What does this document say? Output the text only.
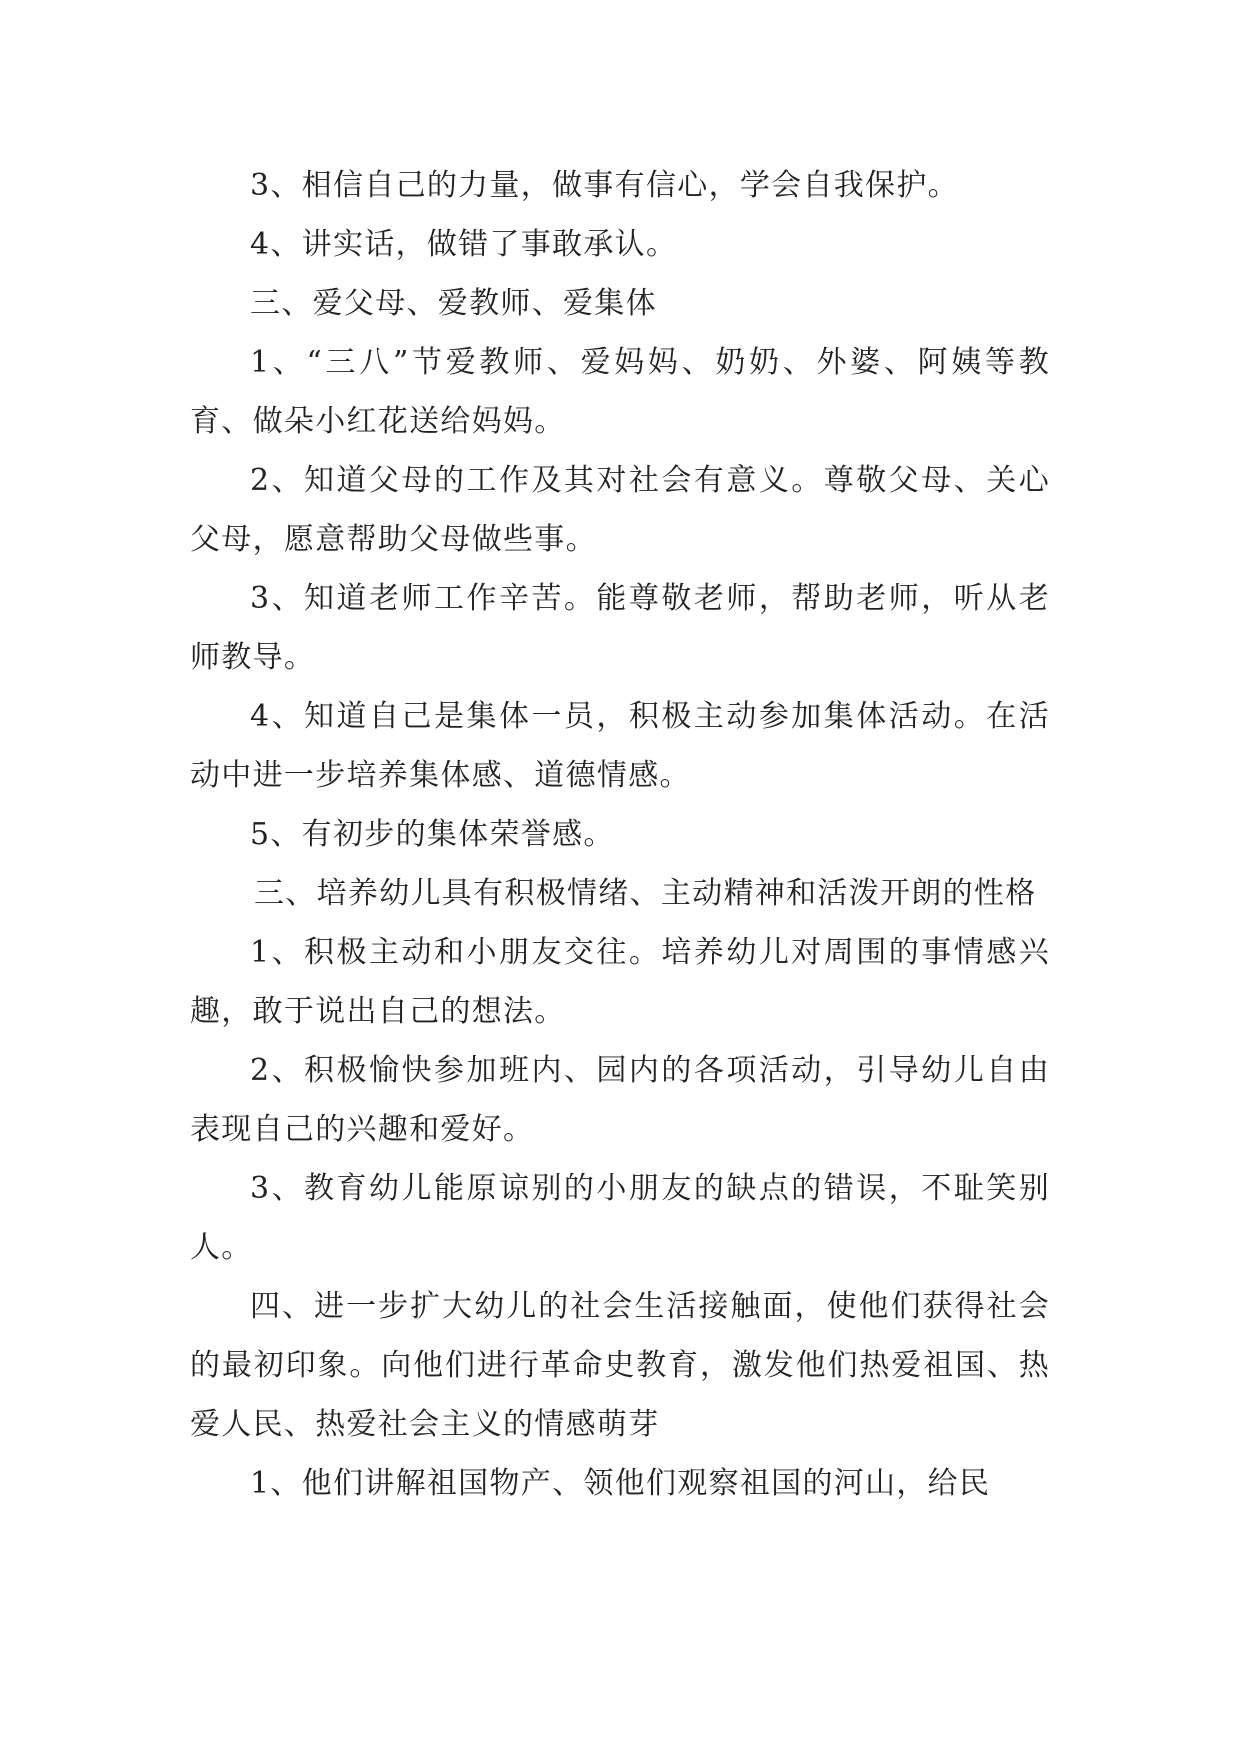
3、相信自己的力量，做事有信心，学会自我保护。

4、讲实话，做错了事敢承认。

三、爱父母、爱教师、爱集体

1、“三八”节爱教师、爱妈妈、奶奶、外婆、阿姨等教育、做朵小红花送给妈妈。

2、知道父母的工作及其对社会有意义。尊敬父母、关心父母，愿意帮助父母做些事。

3、知道老师工作辛苦。能尊敬老师，帮助老师，听从老师教导。

4、知道自己是集体一员，积极主动参加集体活动。在活动中进一步培养集体感、道德情感。

5、有初步的集体荣誉感。

三、培养幼儿具有积极情绪、主动精神和活泼开朗的性格

1、积极主动和小朋友交往。培养幼儿对周围的事情感兴趣，敢于说出自己的想法。

2、积极愉快参加班内、园内的各项活动，引导幼儿自由表现自己的兴趣和爱好。

3、教育幼儿能原谅别的小朋友的缺点的错误，不耻笑别人。

四、进一步扩大幼儿的社会生活接触面，使他们获得社会的最初印象。向他们进行革命史教育，激发他们热爱祖国、热爱人民、热爱社会主义的情感萌芽

1、他们讲解祖国物产、领他们观察祖国的河山，给民
